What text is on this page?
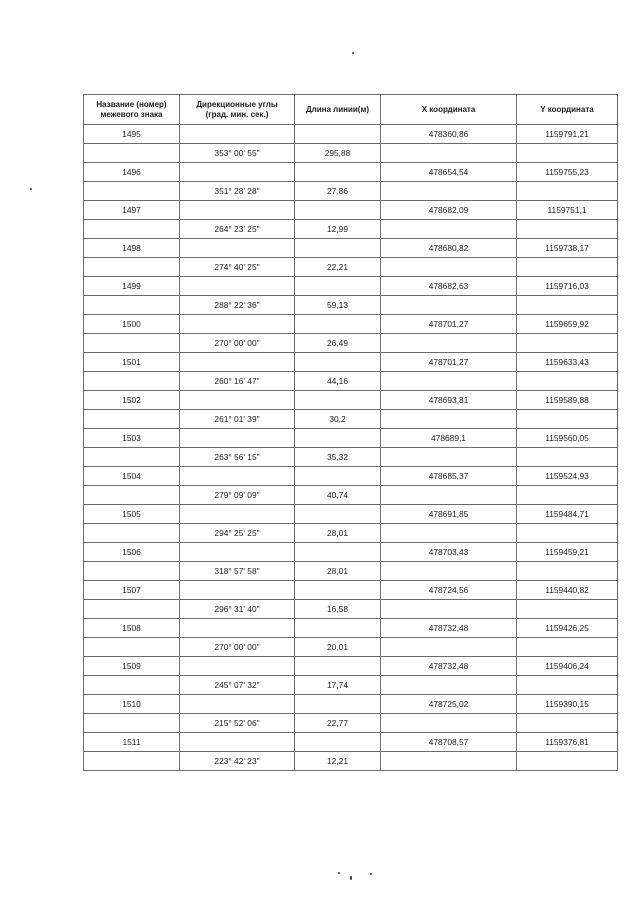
Название (номер)
межевого знака	Дирекционные углы
(град. мин. сек.)	Длина линии(м)	X координата	Y координата
1495			478360,86	1159791,21
	353° 00' 55"	295,88		
1496			478654,54	1159755,23
	351° 28' 28"	27,86		
1497			478682,09	1159751,1
	264° 23' 25"	12,99		
1498			478680,82	1159738,17
	274° 40' 25"	22,21		
1499			478682,63	1159716,03
	288° 22' 36"	59,13		
1500			478701,27	1159659,92
	270° 00' 00"	26,49		
1501			478701,27	1159633,43
	260° 16' 47"	44,16		
1502			478693,81	1159589,88
	261° 01' 39"	30,2		
1503			478689,1	1159560,05
	263° 56' 15"	35,32		
1504			478685,37	1159524,93
	279° 09' 09"	40,74		
1505			478691,85	1159484,71
	294° 25' 25"	28,01		
1506			478703,43	1159459,21
	318° 57' 58"	28,01		
1507			478724,56	1159440,82
	296° 31' 40"	16,58		
1508			478732,48	1159426,25
	270° 00' 00"	20,01		
1509			478732,48	1159406,24
	245° 07' 32"	17,74		
1510			478725,02	1159390,15
	215° 52' 06"	22,77		
1511			478708,57	1159376,81
	223° 42' 23"	12,21		
